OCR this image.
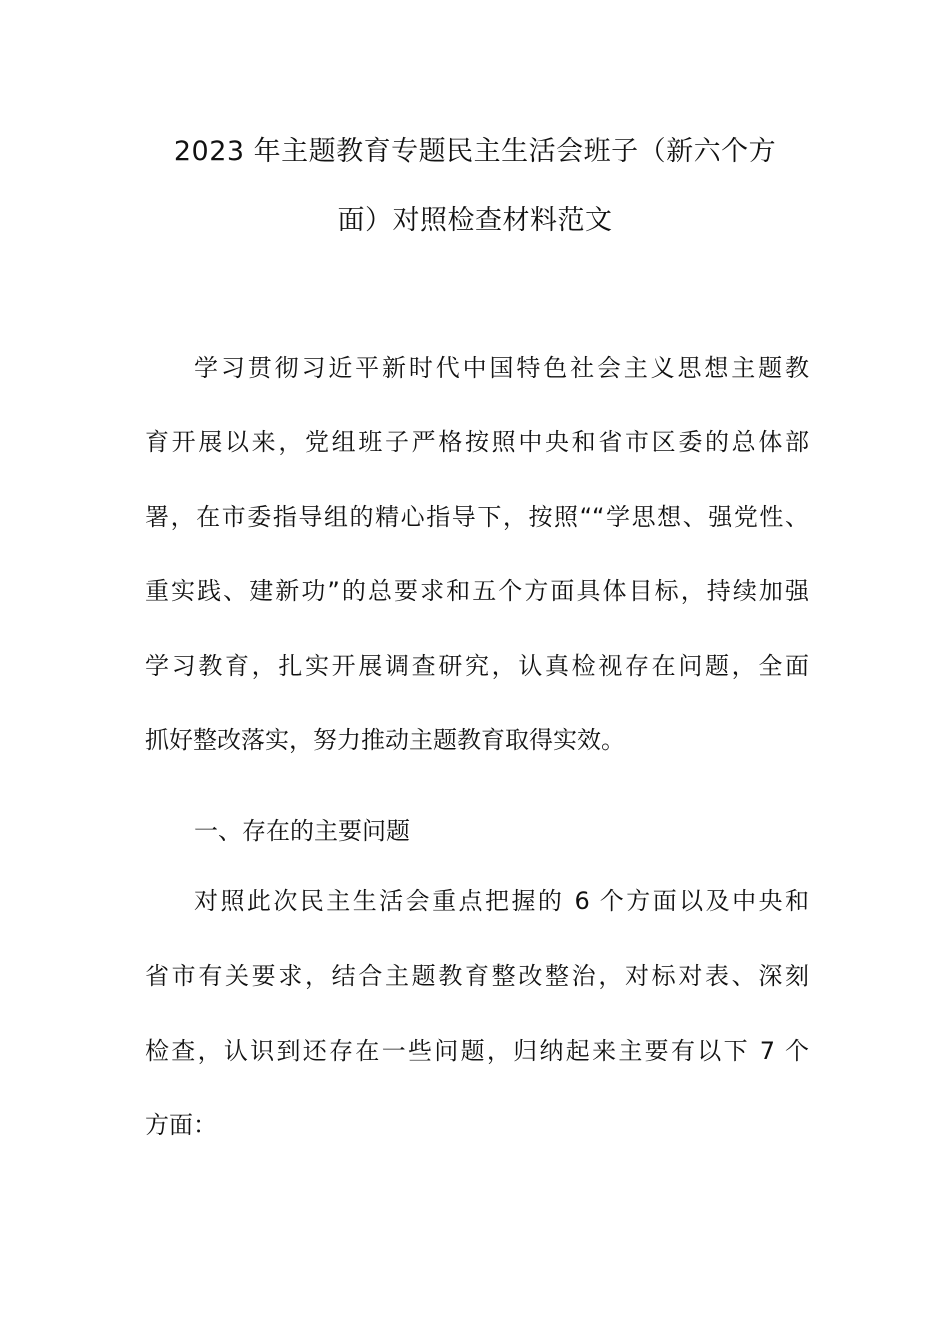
2023 年主题教育专题民主生活会班子（新六个方
面）对照检查材料范文
学习贯彻习近平新时代中国特色社会主义思想主题教
育开展以来，党组班子严格按照中央和省市区委的总体部
署，在市委指导组的精心指导下，按照““学思想、强党性、
重实践、建新功”的总要求和五个方面具体目标，持续加强
学习教育，扎实开展调查研究，认真检视存在问题，全面
抓好整改落实，努力推动主题教育取得实效。
一、存在的主要问题
对照此次民主生活会重点把握的 6 个方面以及中央和
省市有关要求，结合主题教育整改整治，对标对表、深刻
检查，认识到还存在一些问题，归纳起来主要有以下 7 个
方面：
